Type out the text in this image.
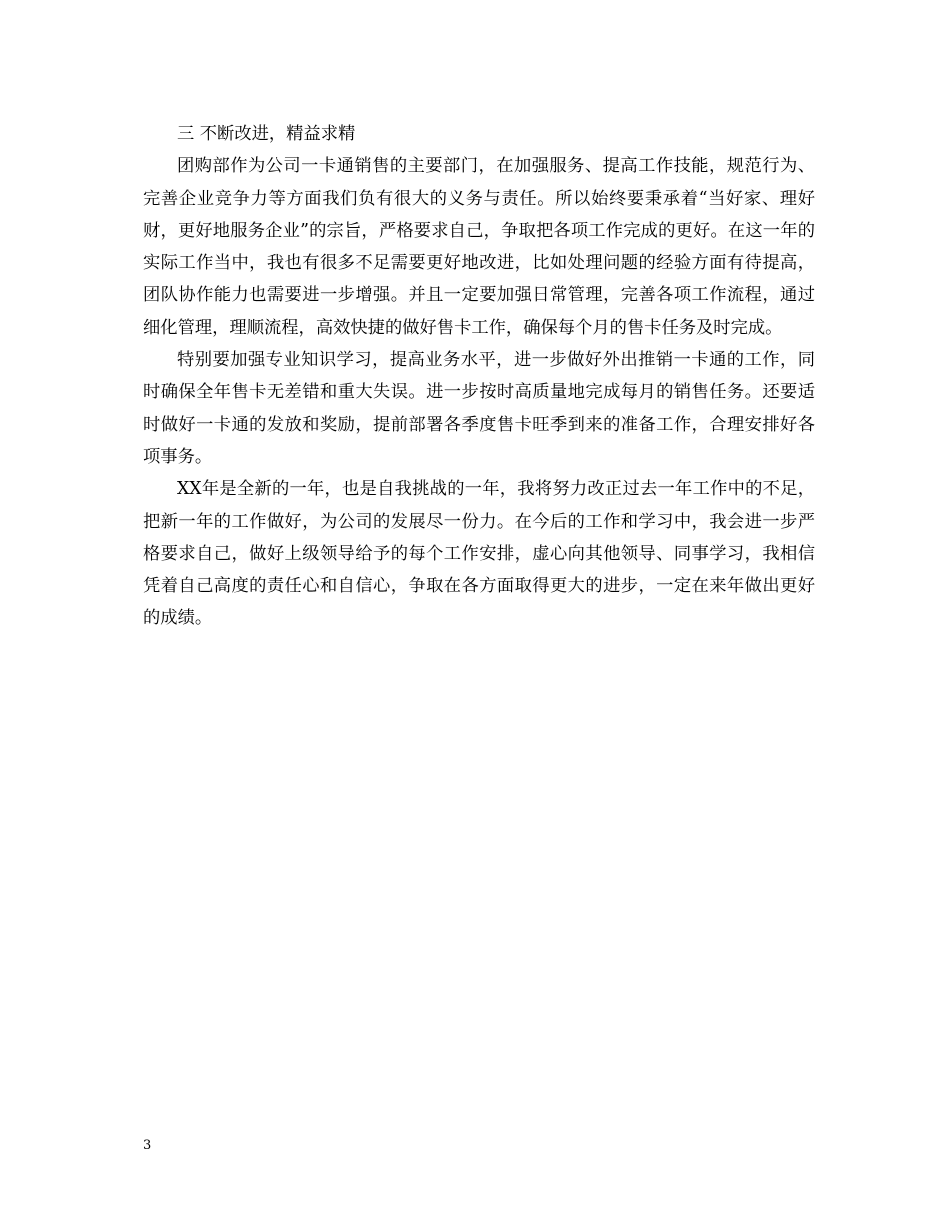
三 不断改进，精益求精

团购部作为公司一卡通销售的主要部门，在加强服务、提高工作技能，规范行为、完善企业竞争力等方面我们负有很大的义务与责任。所以始终要秉承着“当好家、理好财，更好地服务企业”的宗旨，严格要求自己，争取把各项工作完成的更好。在这一年的实际工作当中，我也有很多不足需要更好地改进，比如处理问题的经验方面有待提高，团队协作能力也需要进一步增强。并且一定要加强日常管理，完善各项工作流程，通过细化管理，理顺流程，高效快捷的做好售卡工作，确保每个月的售卡任务及时完成。

特别要加强专业知识学习，提高业务水平，进一步做好外出推销一卡通的工作，同时确保全年售卡无差错和重大失误。进一步按时高质量地完成每月的销售任务。还要适时做好一卡通的发放和奖励，提前部署各季度售卡旺季到来的准备工作，合理安排好各项事务。

XX年是全新的一年，也是自我挑战的一年，我将努力改正过去一年工作中的不足，把新一年的工作做好，为公司的发展尽一份力。在今后的工作和学习中，我会进一步严格要求自己，做好上级领导给予的每个工作安排，虚心向其他领导、同事学习，我相信凭着自己高度的责任心和自信心，争取在各方面取得更大的进步，一定在来年做出更好的成绩。

3
